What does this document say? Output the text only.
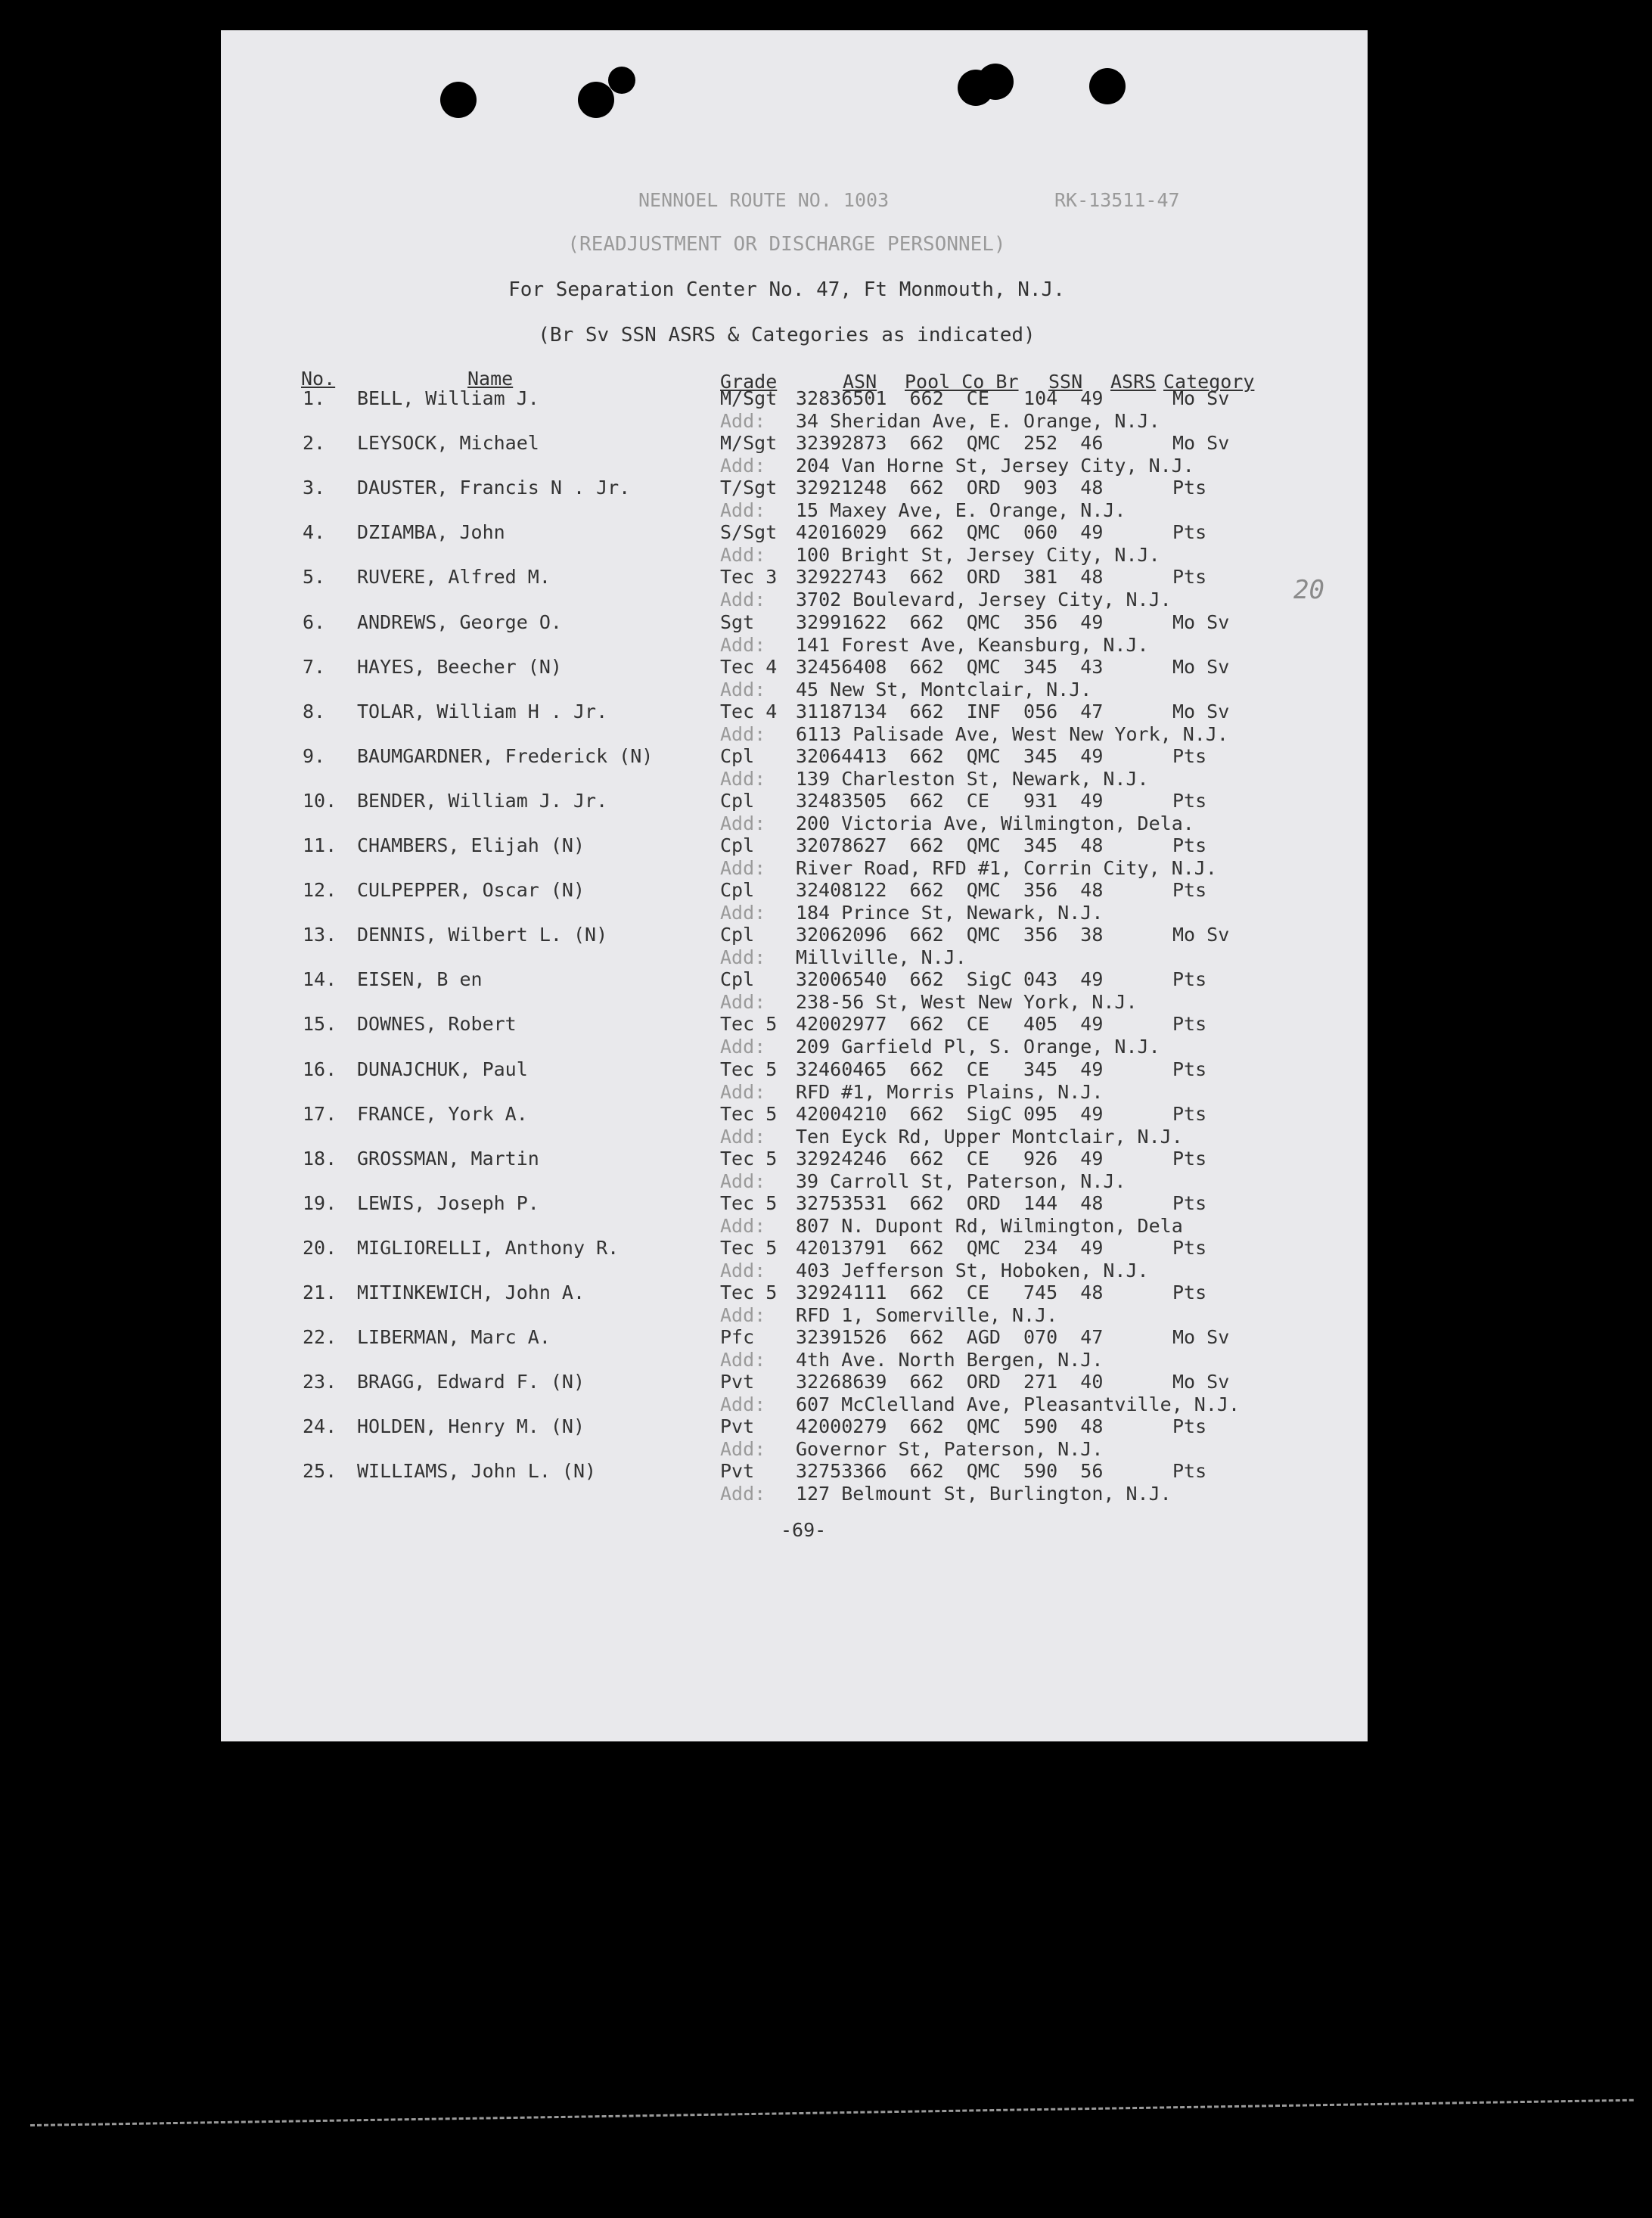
NENNOEL ROUTE NO. 1003	RK-13511-47
(READJUSTMENT OR DISCHARGE PERSONNEL)
For Separation Center No. 47, Ft Monmouth, N.J.
(Br Sv SSN ASRS & Categories as indicated)
No.	Name	Grade	ASN Pool Co Br SSN ASRS Category
1. BELL, William J.	M/Sgt 32836501  662  CE   104  49	Mo Sv
Add: 34 Sheridan Ave, E. Orange, N.J.
2. LEYSOCK, Michael	M/Sgt 32392873  662  QMC  252  46	Mo Sv
Add: 204 Van Horne St, Jersey City, N.J.
3. DAUSTER, Francis N . Jr.	T/Sgt 32921248  662  ORD  903  48	Pts
Add: 15 Maxey Ave, E. Orange, N.J.
4. DZIAMBA, John	S/Sgt 42016029  662  QMC  060  49	Pts
Add: 100 Bright St, Jersey City, N.J.
5. RUVERE, Alfred M.	Tec 3 32922743  662  ORD  381  48	Pts
Add: 3702 Boulevard, Jersey City, N.J.
6. ANDREWS, George O.	Sgt 32991622  662  QMC  356  49	Mo Sv
Add: 141 Forest Ave, Keansburg, N.J.
7. HAYES, Beecher (N)	Tec 4 32456408  662  QMC  345  43	Mo Sv
Add: 45 New St, Montclair, N.J.
8. TOLAR, William H . Jr.	Tec 4 31187134  662  INF  056  47	Mo Sv
Add: 6113 Palisade Ave, West New York, N.J.
9. BAUMGARDNER, Frederick (N)	Cpl 32064413  662  QMC  345  49	Pts
Add: 139 Charleston St, Newark, N.J.
10. BENDER, William J. Jr.	Cpl 32483505  662  CE   931  49	Pts
Add: 200 Victoria Ave, Wilmington, Dela.
11. CHAMBERS, Elijah (N)	Cpl 32078627  662  QMC  345  48	Pts
Add: River Road, RFD #1, Corrin City, N.J.
12. CULPEPPER, Oscar (N)	Cpl 32408122  662  QMC  356  48	Pts
Add: 184 Prince St, Newark, N.J.
13. DENNIS, Wilbert L. (N)	Cpl 32062096  662  QMC  356  38	Mo Sv
Add: Millville, N.J.
14. EISEN, B en	Cpl 32006540  662  SigC 043  49	Pts
Add: 238-56 St, West New York, N.J.
15. DOWNES, Robert	Tec 5 42002977  662  CE   405  49	Pts
Add: 209 Garfield Pl, S. Orange, N.J.
16. DUNAJCHUK, Paul	Tec 5 32460465  662  CE   345  49	Pts
Add: RFD #1, Morris Plains, N.J.
17. FRANCE, York A.	Tec 5 42004210  662  SigC 095  49	Pts
Add: Ten Eyck Rd, Upper Montclair, N.J.
18. GROSSMAN, Martin	Tec 5 32924246  662  CE   926  49	Pts
Add: 39 Carroll St, Paterson, N.J.
19. LEWIS, Joseph P.	Tec 5 32753531  662  ORD  144  48	Pts
Add: 807 N. Dupont Rd, Wilmington, Dela
20. MIGLIORELLI, Anthony R.	Tec 5 42013791  662  QMC  234  49	Pts
Add: 403 Jefferson St, Hoboken, N.J.
21. MITINKEWICH, John A.	Tec 5 32924111  662  CE   745  48	Pts
Add: RFD 1, Somerville, N.J.
22. LIBERMAN, Marc A.	Pfc 32391526  662  AGD  070  47	Mo Sv
Add: 4th Ave. North Bergen, N.J.
23. BRAGG, Edward F. (N)	Pvt 32268639  662  ORD  271  40	Mo Sv
Add: 607 McClelland Ave, Pleasantville, N.J.
24. HOLDEN, Henry M. (N)	Pvt 42000279  662  QMC  590  48	Pts
Add: Governor St, Paterson, N.J.
25. WILLIAMS, John L. (N)	Pvt 32753366  662  QMC  590  56	Pts
Add: 127 Belmount St, Burlington, N.J.
-69-
20
